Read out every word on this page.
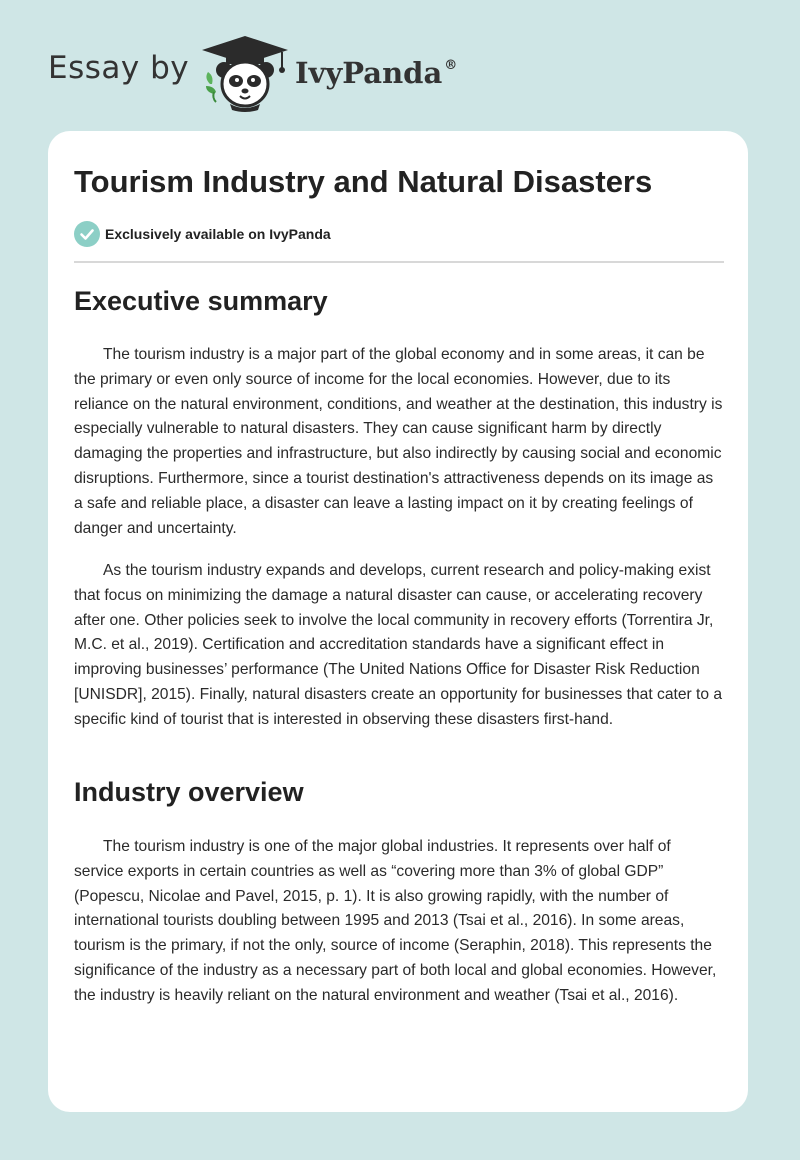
Essay by	IvyPanda ®
Tourism Industry and Natural Disasters
Exclusively available on IvyPanda
Executive summary

The tourism industry is a major part of the global economy and in some areas, it can be the primary or even only source of income for the local economies. However, due to its reliance on the natural environment, conditions, and weather at the destination, this industry is especially vulnerable to natural disasters. They can cause significant harm by directly damaging the properties and infrastructure, but also indirectly by causing social and economic disruptions. Furthermore, since a tourist destination's attractiveness depends on its image as a safe and reliable place, a disaster can leave a lasting impact on it by creating feelings of danger and uncertainty.

As the tourism industry expands and develops, current research and policy-making exist that focus on minimizing the damage a natural disaster can cause, or accelerating recovery after one. Other policies seek to involve the local community in recovery efforts (Torrentira Jr, M.C. et al., 2019). Certification and accreditation standards have a significant effect in improving businesses’ performance (The United Nations Office for Disaster Risk Reduction [UNISDR], 2015). Finally, natural disasters create an opportunity for businesses that cater to a specific kind of tourist that is interested in observing these disasters first-hand.

Industry overview

The tourism industry is one of the major global industries. It represents over half of service exports in certain countries as well as “covering more than 3% of global GDP” (Popescu, Nicolae and Pavel, 2015, p. 1). It is also growing rapidly, with the number of international tourists doubling between 1995 and 2013 (Tsai et al., 2016). In some areas, tourism is the primary, if not the only, source of income (Seraphin, 2018). This represents the significance of the industry as a necessary part of both local and global economies. However, the industry is heavily reliant on the natural environment and weather (Tsai et al., 2016).
